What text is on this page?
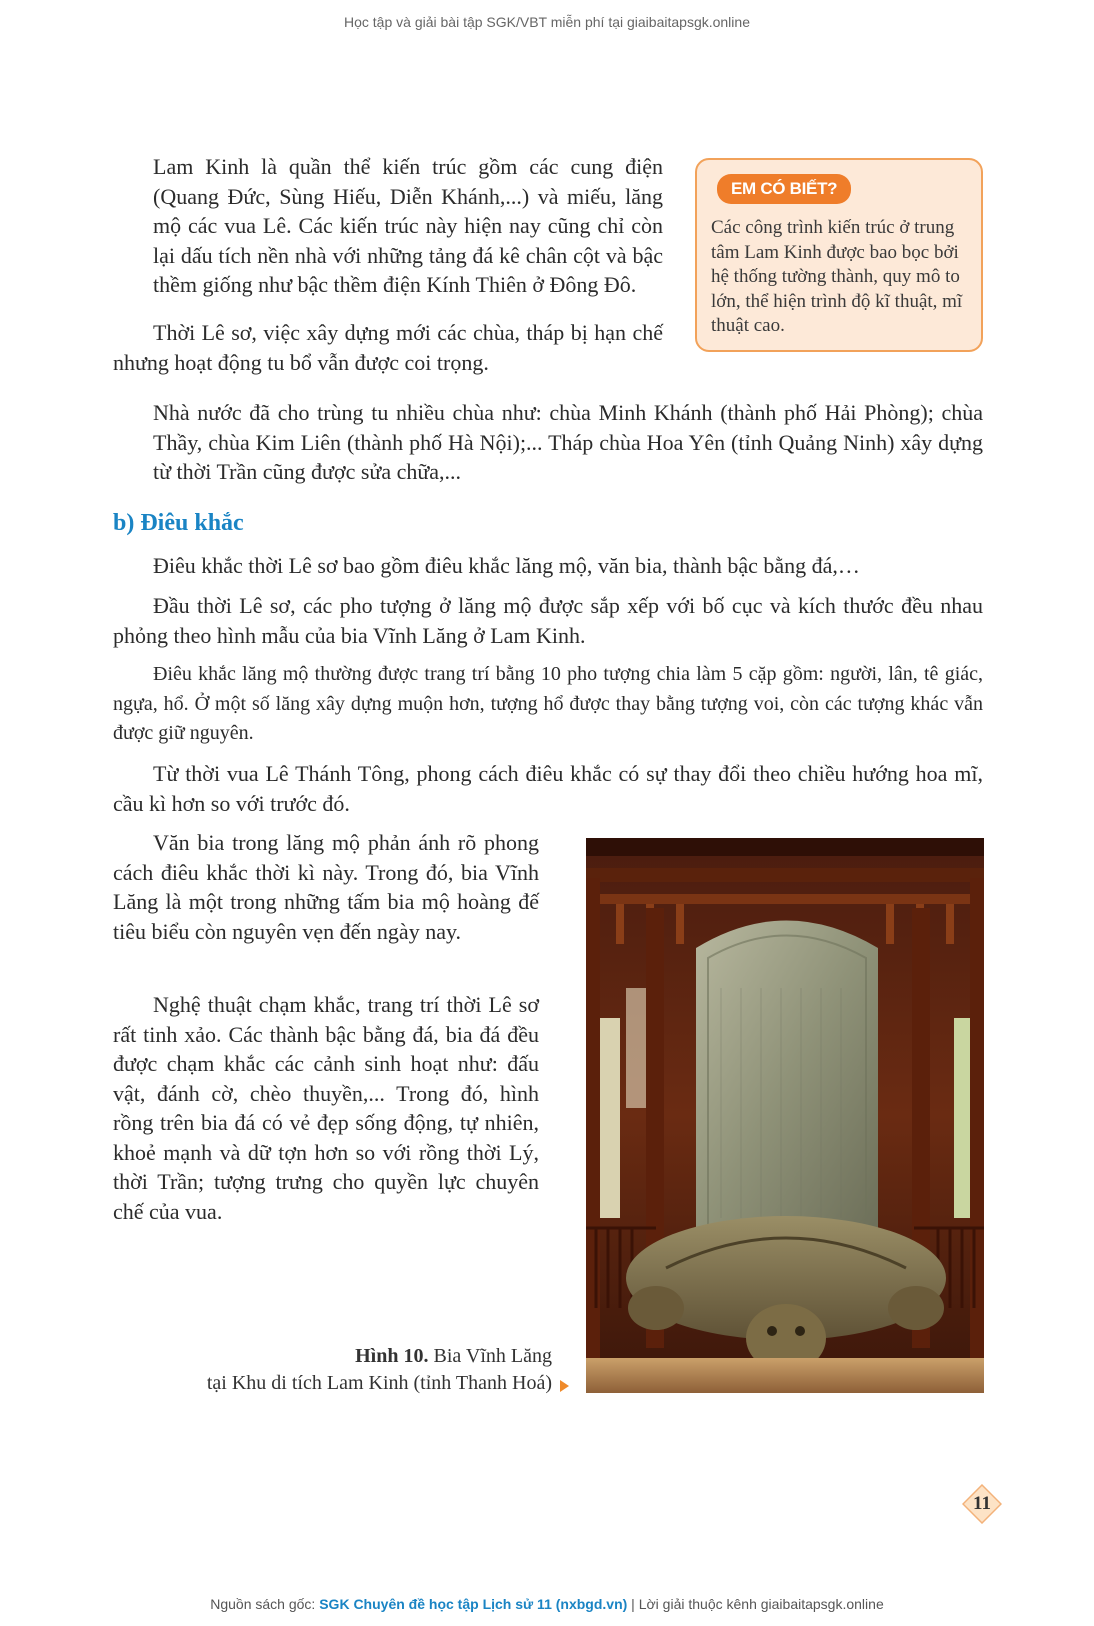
Học tập và giải bài tập SGK/VBT miễn phí tại giaibaitapsgk.online

Lam Kinh là quần thể kiến trúc gồm các cung điện (Quang Đức, Sùng Hiếu, Diễn Khánh,...) và miếu, lăng mộ các vua Lê. Các kiến trúc này hiện nay cũng chỉ còn lại dấu tích nền nhà với những tảng đá kê chân cột và bậc thềm giống như bậc thềm điện Kính Thiên ở Đông Đô.

Thời Lê sơ, việc xây dựng mới các chùa, tháp bị hạn chế nhưng hoạt động tu bổ vẫn được coi trọng.

EM CÓ BIẾT?

Các công trình kiến trúc ở trung tâm Lam Kinh được bao bọc bởi hệ thống tường thành, quy mô to lớn, thể hiện trình độ kĩ thuật, mĩ thuật cao.

Nhà nước đã cho trùng tu nhiều chùa như: chùa Minh Khánh (thành phố Hải Phòng); chùa Thầy, chùa Kim Liên (thành phố Hà Nội);... Tháp chùa Hoa Yên (tỉnh Quảng Ninh) xây dựng từ thời Trần cũng được sửa chữa,...

b) Điêu khắc

Điêu khắc thời Lê sơ bao gồm điêu khắc lăng mộ, văn bia, thành bậc bằng đá,…

Đầu thời Lê sơ, các pho tượng ở lăng mộ được sắp xếp với bố cục và kích thước đều nhau phỏng theo hình mẫu của bia Vĩnh Lăng ở Lam Kinh.

Điêu khắc lăng mộ thường được trang trí bằng 10 pho tượng chia làm 5 cặp gồm: người, lân, tê giác, ngựa, hổ. Ở một số lăng xây dựng muộn hơn, tượng hổ được thay bằng tượng voi, còn các tượng khác vẫn được giữ nguyên.

Từ thời vua Lê Thánh Tông, phong cách điêu khắc có sự thay đổi theo chiều hướng hoa mĩ, cầu kì hơn so với trước đó.

Văn bia trong lăng mộ phản ánh rõ phong cách điêu khắc thời kì này. Trong đó, bia Vĩnh Lăng là một trong những tấm bia mộ hoàng đế tiêu biểu còn nguyên vẹn đến ngày nay.

Nghệ thuật chạm khắc, trang trí thời Lê sơ rất tinh xảo. Các thành bậc bằng đá, bia đá đều được chạm khắc các cảnh sinh hoạt như: đấu vật, đánh cờ, chèo thuyền,... Trong đó, hình rồng trên bia đá có vẻ đẹp sống động, tự nhiên, khoẻ mạnh và dữ tợn hơn so với rồng thời Lý, thời Trần; tượng trưng cho quyền lực chuyên chế của vua.

Hình 10. Bia Vĩnh Lăng
tại Khu di tích Lam Kinh (tỉnh Thanh Hoá)

11
Nguồn sách gốc: SGK Chuyên đề học tập Lịch sử 11 (nxbgd.vn) | Lời giải thuộc kênh giaibaitapsgk.online
